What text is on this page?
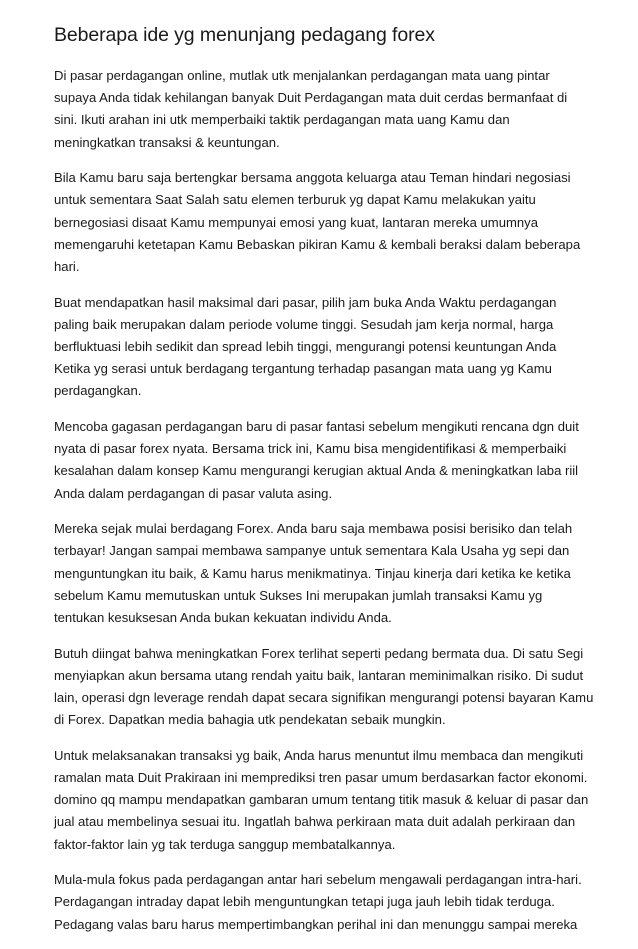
Beberapa ide yg menunjang pedagang forex

Di pasar perdagangan online, mutlak utk menjalankan perdagangan mata uang pintar
supaya Anda tidak kehilangan banyak Duit Perdagangan mata duit cerdas bermanfaat di
sini. Ikuti arahan ini utk memperbaiki taktik perdagangan mata uang Kamu dan
meningkatkan transaksi & keuntungan.

Bila Kamu baru saja bertengkar bersama anggota keluarga atau Teman hindari negosiasi
untuk sementara Saat Salah satu elemen terburuk yg dapat Kamu melakukan yaitu
bernegosiasi disaat Kamu mempunyai emosi yang kuat, lantaran mereka umumnya
memengaruhi ketetapan Kamu Bebaskan pikiran Kamu & kembali beraksi dalam beberapa
hari.

Buat mendapatkan hasil maksimal dari pasar, pilih jam buka Anda Waktu perdagangan
paling baik merupakan dalam periode volume tinggi. Sesudah jam kerja normal, harga
berfluktuasi lebih sedikit dan spread lebih tinggi, mengurangi potensi keuntungan Anda
Ketika yg serasi untuk berdagang tergantung terhadap pasangan mata uang yg Kamu
perdagangkan.

Mencoba gagasan perdagangan baru di pasar fantasi sebelum mengikuti rencana dgn duit
nyata di pasar forex nyata. Bersama trick ini, Kamu bisa mengidentifikasi & memperbaiki
kesalahan dalam konsep Kamu mengurangi kerugian aktual Anda & meningkatkan laba riil
Anda dalam perdagangan di pasar valuta asing.

Mereka sejak mulai berdagang Forex. Anda baru saja membawa posisi berisiko dan telah
terbayar! Jangan sampai membawa sampanye untuk sementara Kala Usaha yg sepi dan
menguntungkan itu baik, & Kamu harus menikmatinya. Tinjau kinerja dari ketika ke ketika
sebelum Kamu memutuskan untuk Sukses Ini merupakan jumlah transaksi Kamu yg
tentukan kesuksesan Anda bukan kekuatan individu Anda.

Butuh diingat bahwa meningkatkan Forex terlihat seperti pedang bermata dua. Di satu Segi
menyiapkan akun bersama utang rendah yaitu baik, lantaran meminimalkan risiko. Di sudut
lain, operasi dgn leverage rendah dapat secara signifikan mengurangi potensi bayaran Kamu
di Forex. Dapatkan media bahagia utk pendekatan sebaik mungkin.

Untuk melaksanakan transaksi yg baik, Anda harus menuntut ilmu membaca dan mengikuti
ramalan mata Duit Prakiraan ini memprediksi tren pasar umum berdasarkan factor ekonomi.
domino qq mampu mendapatkan gambaran umum tentang titik masuk & keluar di pasar dan
jual atau membelinya sesuai itu. Ingatlah bahwa perkiraan mata duit adalah perkiraan dan
faktor-faktor lain yg tak terduga sanggup membatalkannya.

Mula-mula fokus pada perdagangan antar hari sebelum mengawali perdagangan intra-hari.
Perdagangan intraday dapat lebih menguntungkan tetapi juga jauh lebih tidak terduga.
Pedagang valas baru harus mempertimbangkan perihal ini dan menunggu sampai mereka
